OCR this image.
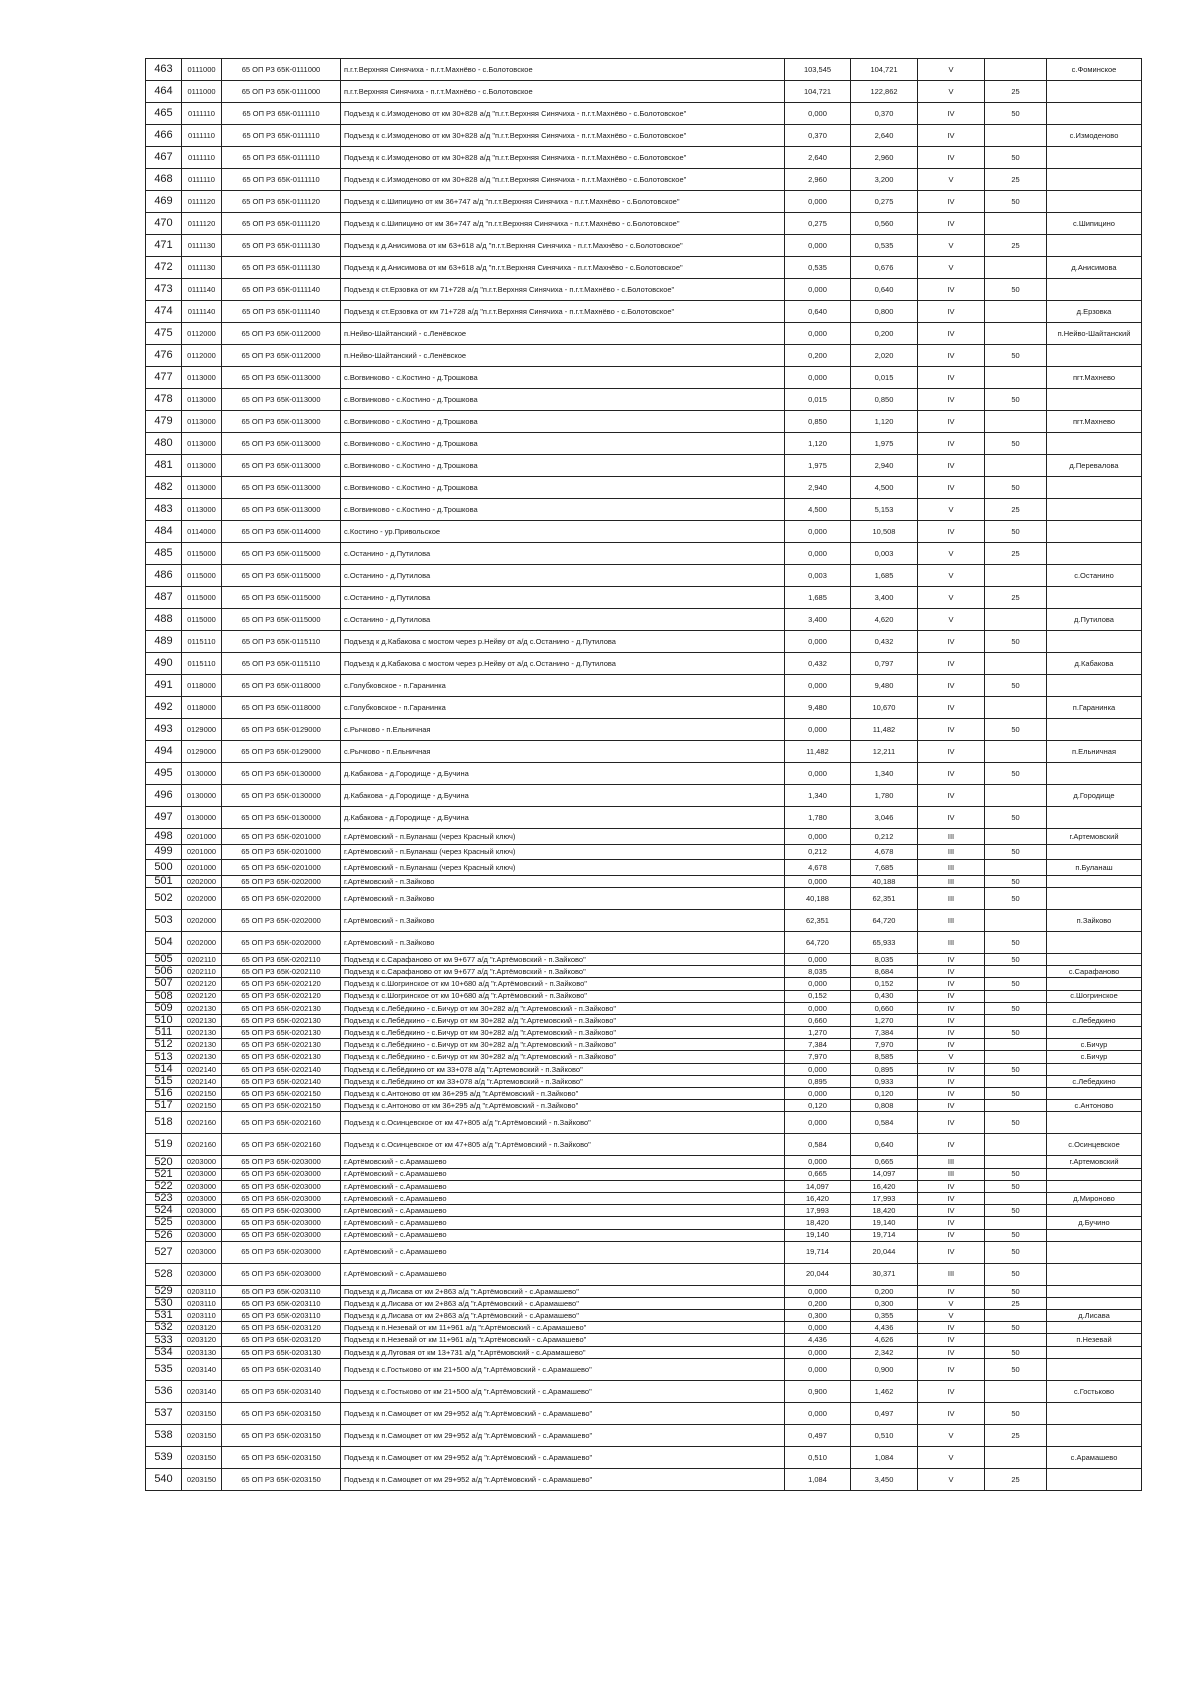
463	0111000	65 ОП РЗ 65К-0111000	п.г.т.Верхняя Синячиха - п.г.т.Махнёво - с.Болотовское	103,545	104,721	V		с.Фоминское
464	0111000	65 ОП РЗ 65К-0111000	п.г.т.Верхняя Синячиха - п.г.т.Махнёво - с.Болотовское	104,721	122,862	V	25	
465	0111110	65 ОП РЗ 65К-0111110	Подъезд к с.Измоденово от км 30+828 а/д "п.г.т.Верхняя Синячиха - п.г.т.Махнёво - с.Болотовское"	0,000	0,370	IV	50	
466	0111110	65 ОП РЗ 65К-0111110	Подъезд к с.Измоденово от км 30+828 а/д "п.г.т.Верхняя Синячиха - п.г.т.Махнёво - с.Болотовское"	0,370	2,640	IV		с.Измоденово
467	0111110	65 ОП РЗ 65К-0111110	Подъезд к с.Измоденово от км 30+828 а/д "п.г.т.Верхняя Синячиха - п.г.т.Махнёво - с.Болотовское"	2,640	2,960	IV	50	
468	0111110	65 ОП РЗ 65К-0111110	Подъезд к с.Измоденово от км 30+828 а/д "п.г.т.Верхняя Синячиха - п.г.т.Махнёво - с.Болотовское"	2,960	3,200	V	25	
469	0111120	65 ОП РЗ 65К-0111120	Подъезд к с.Шипицино от км 36+747 а/д "п.г.т.Верхняя Синячиха - п.г.т.Махнёво - с.Болотовское"	0,000	0,275	IV	50	
470	0111120	65 ОП РЗ 65К-0111120	Подъезд к с.Шипицино от км 36+747 а/д "п.г.т.Верхняя Синячиха - п.г.т.Махнёво - с.Болотовское"	0,275	0,560	IV		с.Шипицино
471	0111130	65 ОП РЗ 65К-0111130	Подъезд к д.Анисимова от км 63+618 а/д "п.г.т.Верхняя Синячиха - п.г.т.Махнёво - с.Болотовское"	0,000	0,535	V	25	
472	0111130	65 ОП РЗ 65К-0111130	Подъезд к д.Анисимова от км 63+618 а/д "п.г.т.Верхняя Синячиха - п.г.т.Махнёво - с.Болотовское"	0,535	0,676	V		д.Анисимова
473	0111140	65 ОП РЗ 65К-0111140	Подъезд к ст.Ерзовка от км 71+728 а/д "п.г.т.Верхняя Синячиха - п.г.т.Махнёво - с.Болотовское"	0,000	0,640	IV	50	
474	0111140	65 ОП РЗ 65К-0111140	Подъезд к ст.Ерзовка от км 71+728 а/д "п.г.т.Верхняя Синячиха - п.г.т.Махнёво - с.Болотовское"	0,640	0,800	IV		д.Ерзовка
475	0112000	65 ОП РЗ 65К-0112000	п.Нейво-Шайтанский - с.Ленёвское	0,000	0,200	IV		п.Нейво-Шайтанский
476	0112000	65 ОП РЗ 65К-0112000	п.Нейво-Шайтанский - с.Ленёвское	0,200	2,020	IV	50	
477	0113000	65 ОП РЗ 65К-0113000	с.Вогвинково - с.Костино - д.Трошкова	0,000	0,015	IV		пгт.Махнево
478	0113000	65 ОП РЗ 65К-0113000	с.Вогвинково - с.Костино - д.Трошкова	0,015	0,850	IV	50	
479	0113000	65 ОП РЗ 65К-0113000	с.Вогвинково - с.Костино - д.Трошкова	0,850	1,120	IV		пгт.Махнево
480	0113000	65 ОП РЗ 65К-0113000	с.Вогвинково - с.Костино - д.Трошкова	1,120	1,975	IV	50	
481	0113000	65 ОП РЗ 65К-0113000	с.Вогвинково - с.Костино - д.Трошкова	1,975	2,940	IV		д.Перевалова
482	0113000	65 ОП РЗ 65К-0113000	с.Вогвинково - с.Костино - д.Трошкова	2,940	4,500	IV	50	
483	0113000	65 ОП РЗ 65К-0113000	с.Вогвинково - с.Костино - д.Трошкова	4,500	5,153	V	25	
484	0114000	65 ОП РЗ 65К-0114000	с.Костино - ур.Привольское	0,000	10,508	IV	50	
485	0115000	65 ОП РЗ 65К-0115000	с.Останино - д.Путилова	0,000	0,003	V	25	
486	0115000	65 ОП РЗ 65К-0115000	с.Останино - д.Путилова	0,003	1,685	V		с.Останино
487	0115000	65 ОП РЗ 65К-0115000	с.Останино - д.Путилова	1,685	3,400	V	25	
488	0115000	65 ОП РЗ 65К-0115000	с.Останино - д.Путилова	3,400	4,620	V		д.Путилова
489	0115110	65 ОП РЗ 65К-0115110	Подъезд к д.Кабакова с мостом через р.Нейву от а/д с.Останино - д.Путилова	0,000	0,432	IV	50	
490	0115110	65 ОП РЗ 65К-0115110	Подъезд к д.Кабакова с мостом через р.Нейву от а/д с.Останино - д.Путилова	0,432	0,797	IV		д.Кабакова
491	0118000	65 ОП РЗ 65К-0118000	с.Голубковское - п.Гаранинка	0,000	9,480	IV	50	
492	0118000	65 ОП РЗ 65К-0118000	с.Голубковское - п.Гаранинка	9,480	10,670	IV		п.Гаранинка
493	0129000	65 ОП РЗ 65К-0129000	с.Рычково - п.Ельничная	0,000	11,482	IV	50	
494	0129000	65 ОП РЗ 65К-0129000	с.Рычково - п.Ельничная	11,482	12,211	IV		п.Ельничная
495	0130000	65 ОП РЗ 65К-0130000	д.Кабакова - д.Городище - д.Бучина	0,000	1,340	IV	50	
496	0130000	65 ОП РЗ 65К-0130000	д.Кабакова - д.Городище - д.Бучина	1,340	1,780	IV		д.Городище
497	0130000	65 ОП РЗ 65К-0130000	д.Кабакова - д.Городище - д.Бучина	1,780	3,046	IV	50	
498	0201000	65 ОП РЗ 65К-0201000	г.Артёмовский - п.Буланаш (через Красный ключ)	0,000	0,212	III		г.Артемовский
499	0201000	65 ОП РЗ 65К-0201000	г.Артёмовский - п.Буланаш (через Красный ключ)	0,212	4,678	III	50	
500	0201000	65 ОП РЗ 65К-0201000	г.Артёмовский - п.Буланаш (через Красный ключ)	4,678	7,685	III		п.Буланаш
501	0202000	65 ОП РЗ 65К-0202000	г.Артёмовский - п.Зайково	0,000	40,188	III	50	
502	0202000	65 ОП РЗ 65К-0202000	г.Артёмовский - п.Зайково	40,188	62,351	III	50	
503	0202000	65 ОП РЗ 65К-0202000	г.Артёмовский - п.Зайково	62,351	64,720	III		п.Зайково
504	0202000	65 ОП РЗ 65К-0202000	г.Артёмовский - п.Зайково	64,720	65,933	III	50	
505	0202110	65 ОП РЗ 65К-0202110	Подъезд к с.Сарафаново от км 9+677 а/д "г.Артёмовский - п.Зайково"	0,000	8,035	IV	50	
506	0202110	65 ОП РЗ 65К-0202110	Подъезд к с.Сарафаново от км 9+677 а/д "г.Артёмовский - п.Зайково"	8,035	8,684	IV		с.Сарафаново
507	0202120	65 ОП РЗ 65К-0202120	Подъезд к с.Шогринское от км 10+680 а/д "г.Артёмовский - п.Зайково"	0,000	0,152	IV	50	
508	0202120	65 ОП РЗ 65К-0202120	Подъезд к с.Шогринское от км 10+680 а/д "г.Артёмовский - п.Зайково"	0,152	0,430	IV		с.Шогринское
509	0202130	65 ОП РЗ 65К-0202130	Подъезд к с.Лебёдкино - с.Бичур от км 30+282 а/д "г.Артемовский - п.Зайково"	0,000	0,660	IV	50	
510	0202130	65 ОП РЗ 65К-0202130	Подъезд к с.Лебёдкино - с.Бичур от км 30+282 а/д "г.Артемовский - п.Зайково"	0,660	1,270	IV		с.Лебедкино
511	0202130	65 ОП РЗ 65К-0202130	Подъезд к с.Лебёдкино - с.Бичур от км 30+282 а/д "г.Артемовский - п.Зайково"	1,270	7,384	IV	50	
512	0202130	65 ОП РЗ 65К-0202130	Подъезд к с.Лебёдкино - с.Бичур от км 30+282 а/д "г.Артемовский - п.Зайково"	7,384	7,970	IV		с.Бичур
513	0202130	65 ОП РЗ 65К-0202130	Подъезд к с.Лебёдкино - с.Бичур от км 30+282 а/д "г.Артемовский - п.Зайково"	7,970	8,585	V		с.Бичур
514	0202140	65 ОП РЗ 65К-0202140	Подъезд к с.Лебёдкино от км 33+078 а/д "г.Артемовский - п.Зайково"	0,000	0,895	IV	50	
515	0202140	65 ОП РЗ 65К-0202140	Подъезд к с.Лебёдкино от км 33+078 а/д "г.Артемовский - п.Зайково"	0,895	0,933	IV		с.Лебедкино
516	0202150	65 ОП РЗ 65К-0202150	Подъезд к с.Антоново от км 36+295 а/д "г.Артёмовский - п.Зайково"	0,000	0,120	IV	50	
517	0202150	65 ОП РЗ 65К-0202150	Подъезд к с.Антоново от км 36+295 а/д "г.Артёмовский - п.Зайково"	0,120	0,808	IV		с.Антоново
518	0202160	65 ОП РЗ 65К-0202160	Подъезд к с.Осинцевское от км 47+805 а/д "г.Артёмовский - п.Зайково"	0,000	0,584	IV	50	
519	0202160	65 ОП РЗ 65К-0202160	Подъезд к с.Осинцевское от км 47+805 а/д "г.Артёмовский - п.Зайково"	0,584	0,640	IV		с.Осинцевское
520	0203000	65 ОП РЗ 65К-0203000	г.Артёмовский - с.Арамашево	0,000	0,665	III		г.Артемовский
521	0203000	65 ОП РЗ 65К-0203000	г.Артёмовский - с.Арамашево	0,665	14,097	III	50	
522	0203000	65 ОП РЗ 65К-0203000	г.Артёмовский - с.Арамашево	14,097	16,420	IV	50	
523	0203000	65 ОП РЗ 65К-0203000	г.Артёмовский - с.Арамашево	16,420	17,993	IV		д.Мироново
524	0203000	65 ОП РЗ 65К-0203000	г.Артёмовский - с.Арамашево	17,993	18,420	IV	50	
525	0203000	65 ОП РЗ 65К-0203000	г.Артёмовский - с.Арамашево	18,420	19,140	IV		д.Бучино
526	0203000	65 ОП РЗ 65К-0203000	г.Артёмовский - с.Арамашево	19,140	19,714	IV	50	
527	0203000	65 ОП РЗ 65К-0203000	г.Артёмовский - с.Арамашево	19,714	20,044	IV	50	
528	0203000	65 ОП РЗ 65К-0203000	г.Артёмовский - с.Арамашево	20,044	30,371	III	50	
529	0203110	65 ОП РЗ 65К-0203110	Подъезд к д.Лисава от км 2+863 а/д "г.Артёмовский - с.Арамашево"	0,000	0,200	IV	50	
530	0203110	65 ОП РЗ 65К-0203110	Подъезд к д.Лисава от км 2+863 а/д "г.Артёмовский - с.Арамашево"	0,200	0,300	V	25	
531	0203110	65 ОП РЗ 65К-0203110	Подъезд к д.Лисава от км 2+863 а/д "г.Артёмовский - с.Арамашево"	0,300	0,355	V		д.Лисава
532	0203120	65 ОП РЗ 65К-0203120	Подъезд к п.Незевай от км 11+961 а/д "г.Артёмовский - с.Арамашево"	0,000	4,436	IV	50	
533	0203120	65 ОП РЗ 65К-0203120	Подъезд к п.Незевай от км 11+961 а/д "г.Артёмовский - с.Арамашево"	4,436	4,626	IV		п.Незевай
534	0203130	65 ОП РЗ 65К-0203130	Подъезд к д.Луговая от км 13+731 а/д "г.Артёмовский - с.Арамашево"	0,000	2,342	IV	50	
535	0203140	65 ОП РЗ 65К-0203140	Подъезд к с.Гостьково от км 21+500 а/д "г.Артёмовский - с.Арамашево"	0,000	0,900	IV	50	
536	0203140	65 ОП РЗ 65К-0203140	Подъезд к с.Гостьково от км 21+500 а/д "г.Артёмовский - с.Арамашево"	0,900	1,462	IV		с.Гостьково
537	0203150	65 ОП РЗ 65К-0203150	Подъезд к п.Самоцвет от км 29+952 а/д "г.Артёмовский - с.Арамашево"	0,000	0,497	IV	50	
538	0203150	65 ОП РЗ 65К-0203150	Подъезд к п.Самоцвет от км 29+952 а/д "г.Артёмовский - с.Арамашево"	0,497	0,510	V	25	
539	0203150	65 ОП РЗ 65К-0203150	Подъезд к п.Самоцвет от км 29+952 а/д "г.Артёмовский - с.Арамашево"	0,510	1,084	V		с.Арамашево
540	0203150	65 ОП РЗ 65К-0203150	Подъезд к п.Самоцвет от км 29+952 а/д "г.Артёмовский - с.Арамашево"	1,084	3,450	V	25	
